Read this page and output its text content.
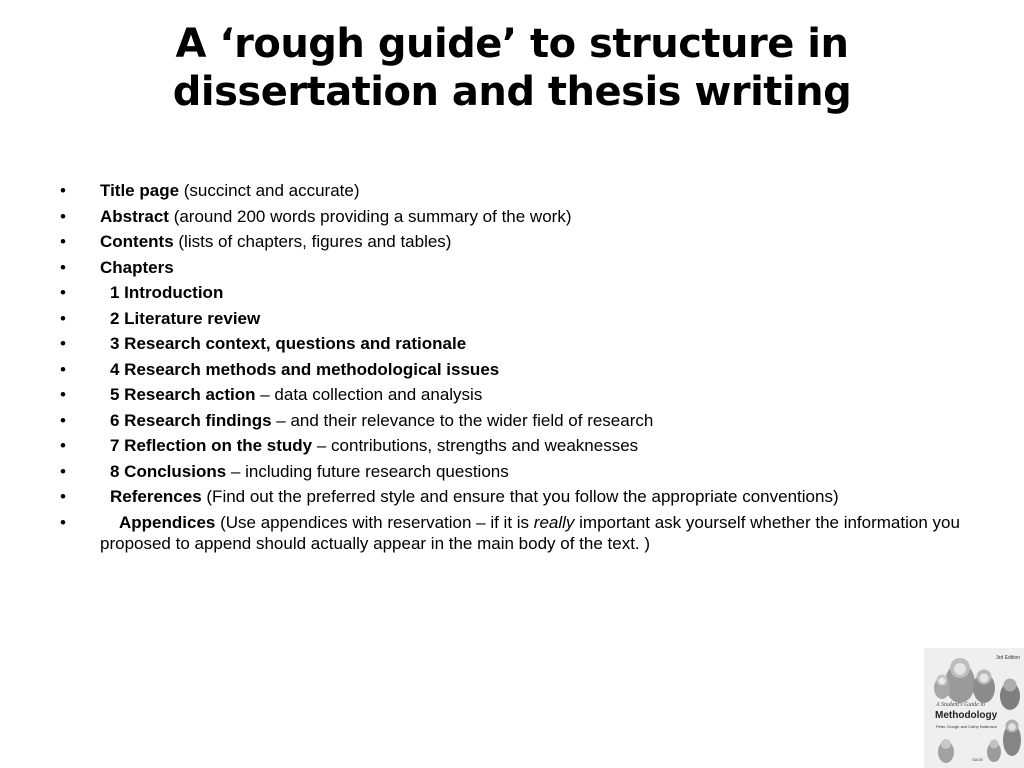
A ‘rough guide’ to structure in
dissertation and thesis writing
•	Title page (succinct and accurate)
•	Abstract (around 200 words providing a summary of the work)
•	Contents (lists of chapters, figures and tables)
•	Chapters
•	1 Introduction
•	2 Literature review
•	3 Research context, questions and rationale
•	4 Research methods and methodological issues
•	5 Research action – data collection and analysis
•	6 Research findings – and their relevance to the wider field of research
•	7 Reflection on the study – contributions, strengths and weaknesses
•	8 Conclusions – including future research questions
•	References (Find out the preferred style and ensure that you follow the appropriate conventions)
•	Appendices (Use appendices with reservation – if it is really important ask yourself whether the information you proposed to append should actually appear in the main body of the text. )
3rd Edition
A Student's Guide to
Methodology
Peter Clough and Cathy Nutbrown
SAGE
